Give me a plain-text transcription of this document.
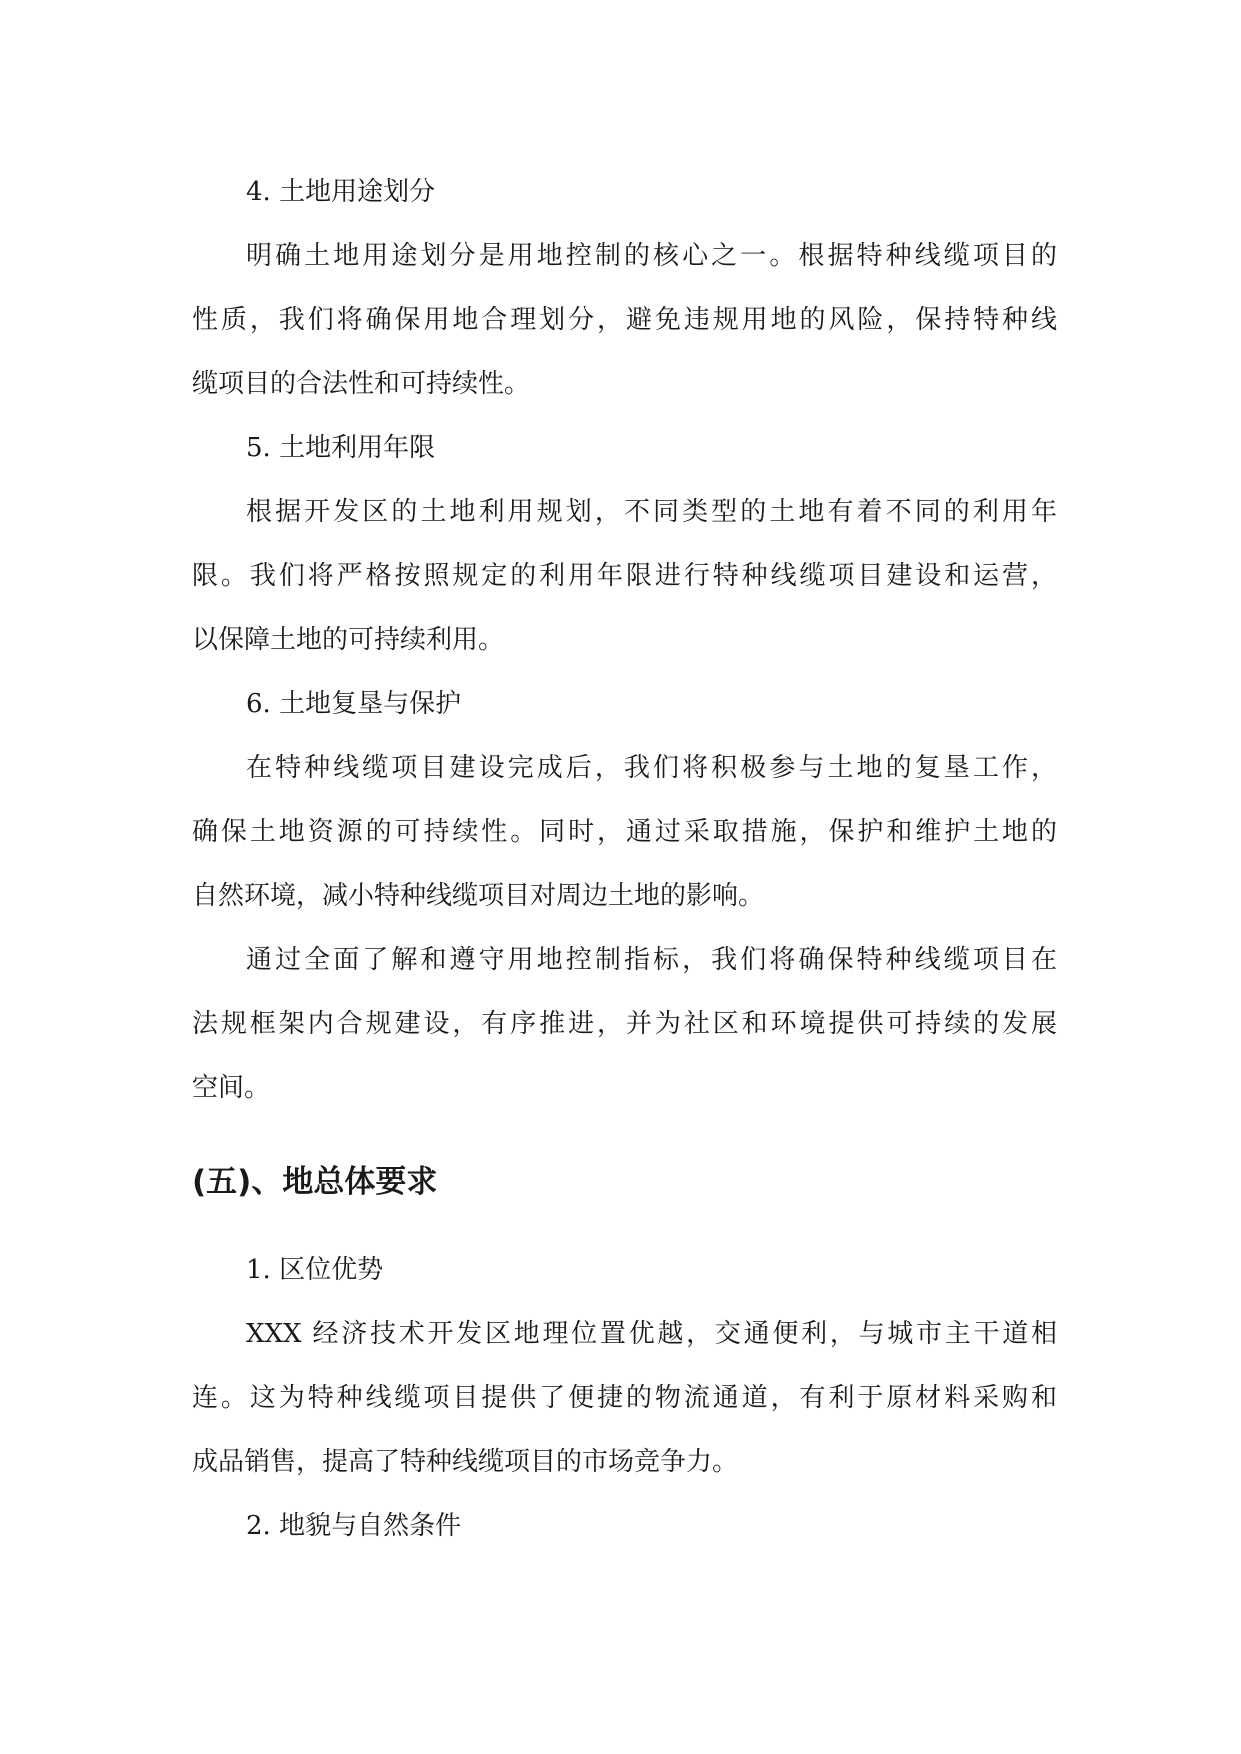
4. 土地用途划分

明确土地用途划分是用地控制的核心之一。根据特种线缆项目的

性质，我们将确保用地合理划分，避免违规用地的风险，保持特种线

缆项目的合法性和可持续性。

5. 土地利用年限

根据开发区的土地利用规划，不同类型的土地有着不同的利用年

限。我们将严格按照规定的利用年限进行特种线缆项目建设和运营，

以保障土地的可持续利用。

6. 土地复垦与保护

在特种线缆项目建设完成后，我们将积极参与土地的复垦工作，

确保土地资源的可持续性。同时，通过采取措施，保护和维护土地的

自然环境，减小特种线缆项目对周边土地的影响。

通过全面了解和遵守用地控制指标，我们将确保特种线缆项目在

法规框架内合规建设，有序推进，并为社区和环境提供可持续的发展

空间。

(五)、地总体要求

1. 区位优势

XXX 经济技术开发区地理位置优越，交通便利，与城市主干道相

连。这为特种线缆项目提供了便捷的物流通道，有利于原材料采购和

成品销售，提高了特种线缆项目的市场竞争力。

2. 地貌与自然条件
